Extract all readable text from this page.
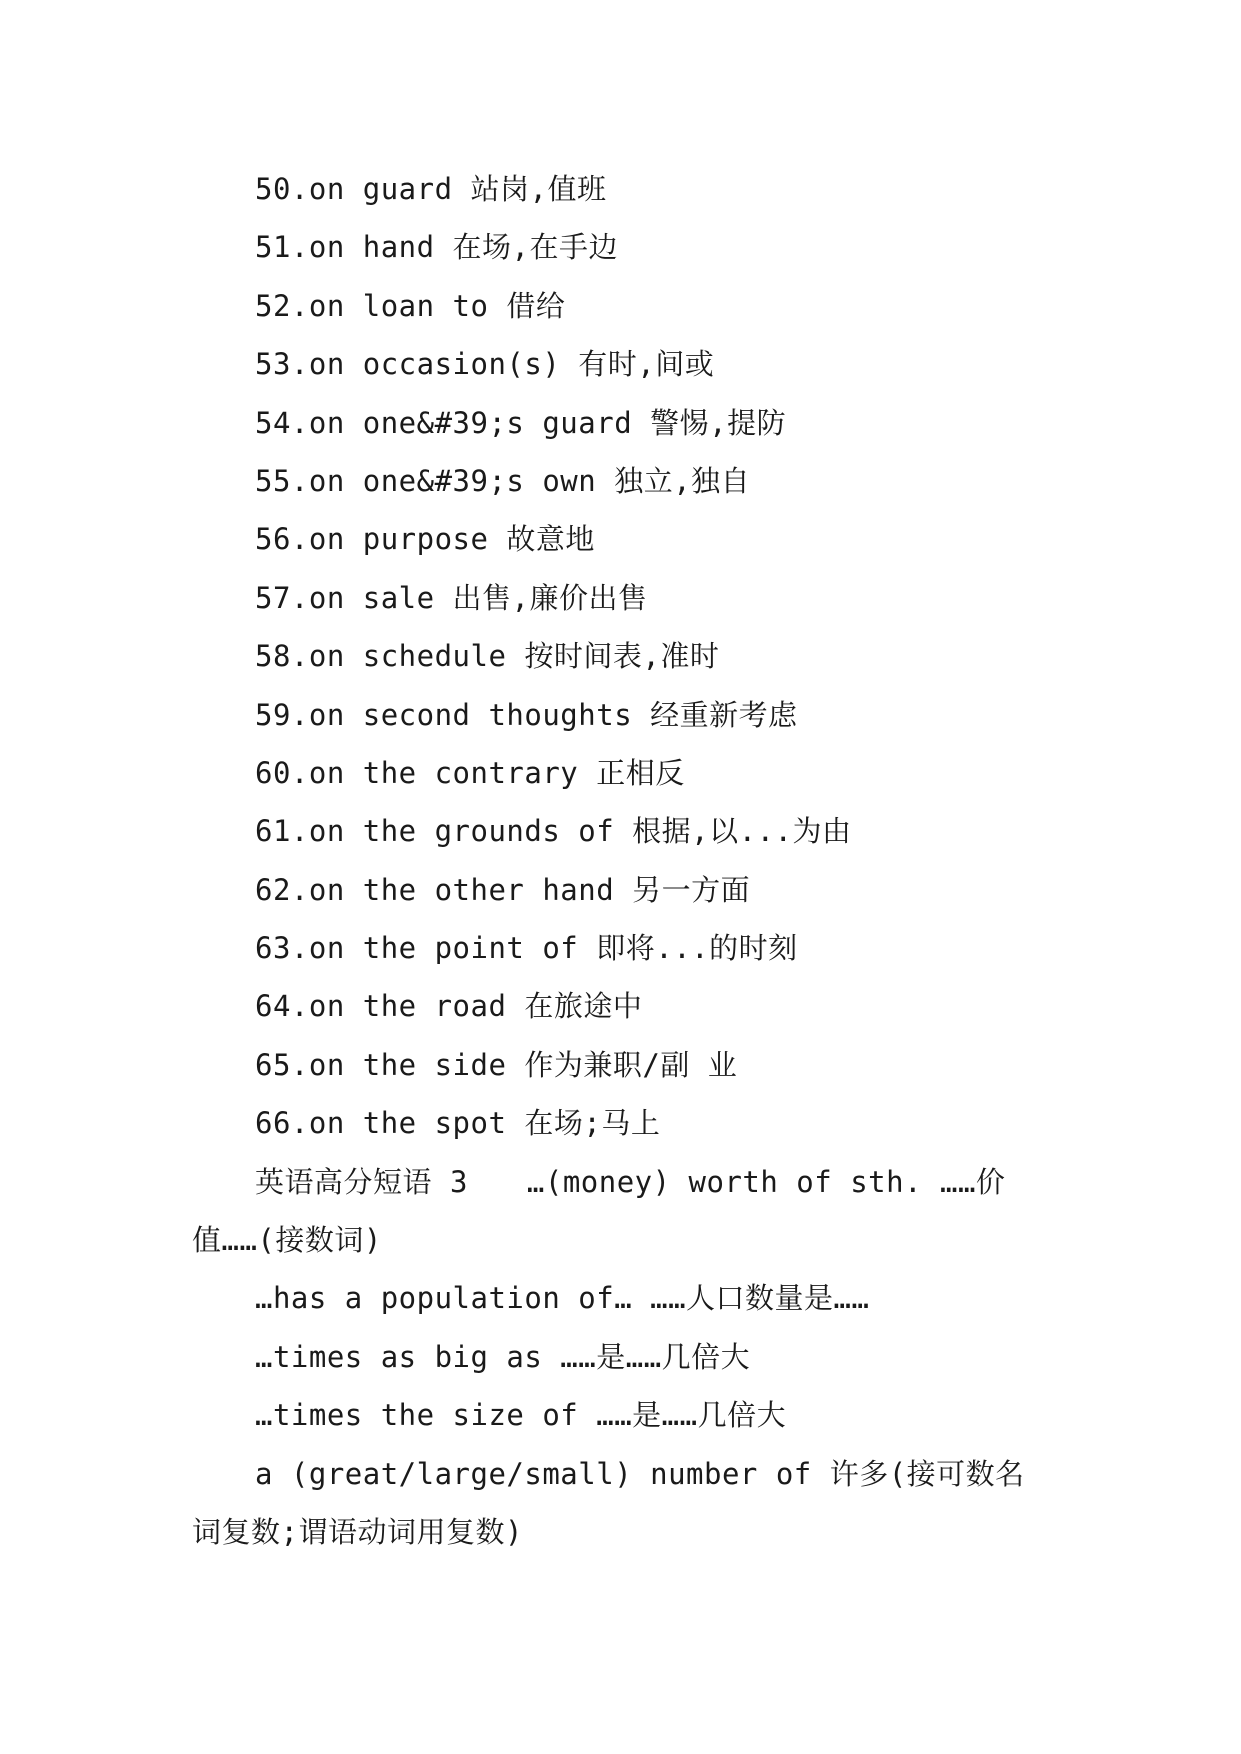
50.on guard 站岗,值班
51.on hand 在场,在手边
52.on loan to 借给
53.on occasion(s) 有时,间或
54.on one&#39;s guard 警惕,提防
55.on one&#39;s own 独立,独自
56.on purpose 故意地
57.on sale 出售,廉价出售
58.on schedule 按时间表,准时
59.on second thoughts 经重新考虑
60.on the contrary 正相反
61.on the grounds of 根据,以...为由
62.on the other hand 另一方面
63.on the point of 即将...的时刻
64.on the road 在旅途中
65.on the side 作为兼职/副 业
66.on the spot 在场;马上
英语高分短语 3　　…(money) worth of sth. ……价值……(接数词)
…has a population of… ……人口数量是……
…times as big as ……是……几倍大
…times the size of ……是……几倍大
a (great/large/small) number of 许多(接可数名词复数;谓语动词用复数)
